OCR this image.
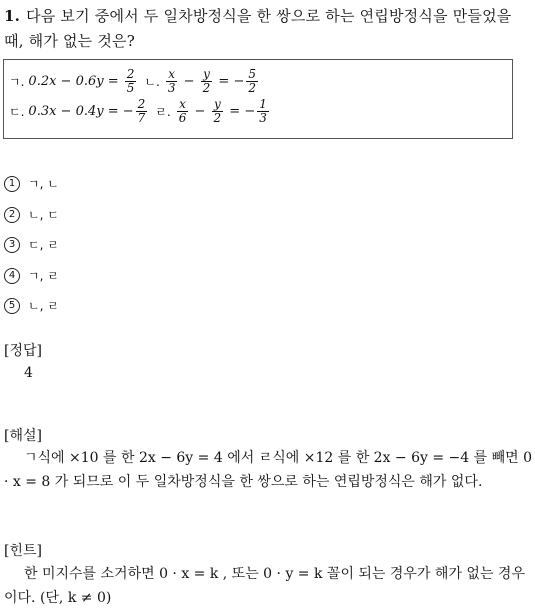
1. 다음 보기 중에서 두 일차방정식을 한 쌍으로 하는 연립방정식을 만들었을 때, 해가 없는 것은?
ㄱ. $0.2x - 0.6y = \frac{2}{5}$ ㄴ. $\frac{x}{3} - \frac{y}{2}$ = − $\frac{5}{2}$
ㄷ. 0.3x − 0.4y = − $\frac{2}{7}$ ㄹ. $\frac{x}{6} - \frac{y}{2}$ = − $\frac{1}{3}$
1	ㄱ, ㄴ
2	ㄴ, ㄷ
3	ㄷ, ㄹ
4	ㄱ, ㄹ
5	ㄴ, ㄹ
[정답]
4
[해설]
ㄱ식에 ×10 를 한 2x − 6y = 4 에서 ㄹ식에 ×12 를 한 2x − 6y = −4 를 빼면 0 · x = 8 가 되므로 이 두 일차방정식을 한 쌍으로 하는 연립방정식은 해가 없다.
[힌트]
한 미지수를 소거하면 0 · x = k , 또는 0 · y = k 꼴이 되는 경우가 해가 없는 경우이다. (단, k ≠ 0)
